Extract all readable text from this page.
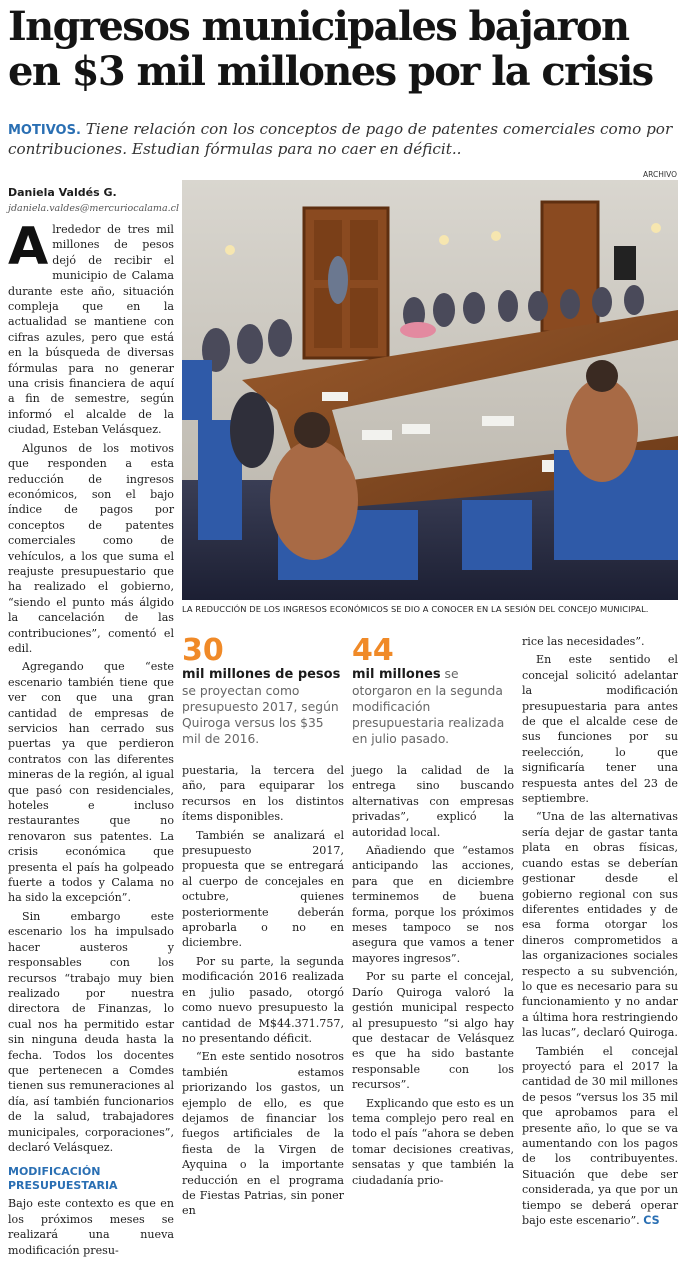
Ingresos municipales bajaron en $3 mil millones por la crisis
MOTIVOS. Tiene relación con los conceptos de pago de patentes comerciales como por contribuciones. Estudian fórmulas para no caer en déficit..
Daniela Valdés G.
jdaniela.valdes@mercuriocalama.cl
ARCHIVO
LA REDUCCIÓN DE LOS INGRESOS ECONÓMICOS SE DIO A CONOCER EN LA SESIÓN DEL CONCEJO MUNICIPAL.

Alrededor de tres mil millones de pesos dejó de recibir el municipio de Calama durante este año, situación compleja que en la actualidad se mantiene con cifras azules, pero que está en la búsqueda de diversas fórmulas para no generar una crisis financiera de aquí a fin de semestre, según informó el alcalde de la ciudad, Esteban Velásquez.

Algunos de los motivos que responden a esta reducción de ingresos económicos, son el bajo índice de pagos por conceptos de patentes comerciales como de vehículos, a los que suma el reajuste presupuestario que ha realizado el gobierno, “siendo el punto más álgido la cancelación de las contribuciones”, comentó el edil.

Agregando que “este escenario también tiene que ver con que una gran cantidad de empresas de servicios han cerrado sus puertas ya que perdieron contratos con las diferentes mineras de la región, al igual que pasó con residenciales, hoteles e incluso restaurantes que no renovaron sus patentes. La crisis económica que presenta el país ha golpeado fuerte a todos y Calama no ha sido la excepción”.

Sin embargo este escenario los ha impulsado hacer austeros y responsables con los recursos “trabajo muy bien realizado por nuestra directora de Finanzas, lo cual nos ha permitido estar sin ninguna deuda hasta la fecha. Todos los docentes que pertenecen a Comdes tienen sus remuneraciones al día, así también funcionarios de la salud, trabajadores municipales, corporaciones”, declaró Velásquez.

MODIFICACIÓN PRESUPUESTARIA

Bajo este contexto es que en los próximos meses se realizará una nueva modificación presu-

30
mil millones de pesos se proyectan como presupuesto 2017, según Quiroga versus los $35 mil de 2016.
44
mil millones se otorgaron en la segunda modificación presupuestaria realizada en julio pasado.

puestaria, la tercera del año, para equiparar los recursos en los distintos ítems disponibles.

También se analizará el presupuesto 2017, propuesta que se entregará al cuerpo de concejales en octubre, quienes posteriormente deberán aprobarla o no en diciembre.

Por su parte, la segunda modificación 2016 realizada en julio pasado, otorgó como nuevo presupuesto la cantidad de M$44.371.757, no presentando déficit.

“En este sentido nosotros también estamos priorizando los gastos, un ejemplo de ello, es que dejamos de financiar los fuegos artificiales de la fiesta de la Virgen de Ayquina o la importante reducción en el programa de Fiestas Patrias, sin poner en

juego la calidad de la entrega sino buscando alternativas con empresas privadas”, explicó la autoridad local.

Añadiendo que “estamos anticipando las acciones, para que en diciembre terminemos de buena forma, porque los próximos meses tampoco se nos asegura que vamos a tener mayores ingresos”.

Por su parte el concejal, Darío Quiroga valoró la gestión municipal respecto al presupuesto “si algo hay que destacar de Velásquez es que ha sido bastante responsable con los recursos”.

Explicando que esto es un tema complejo pero real en todo el país “ahora se deben tomar decisiones creativas, sensatas y que también la ciudadanía prio-

rice las necesidades”.

En este sentido el concejal solicitó adelantar la modificación presupuestaria para antes de que el alcalde cese de sus funciones por su reelección, lo que significaría tener una respuesta antes del 23 de septiembre.

“Una de las alternativas sería dejar de gastar tanta plata en obras físicas, cuando estas se deberían gestionar desde el gobierno regional con sus diferentes entidades y de esa forma otorgar los dineros comprometidos a las organizaciones sociales respecto a su subvención, lo que es necesario para su funcionamiento y no andar a última hora restringiendo las lucas”, declaró Quiroga.

También el concejal proyectó para el 2017 la cantidad de 30 mil millones de pesos “versus los 35 mil que aprobamos para el presente año, lo que se va aumentando con los pagos de los contribuyentes. Situación que debe ser considerada, ya que por un tiempo se deberá operar bajo este escenario”. CS
